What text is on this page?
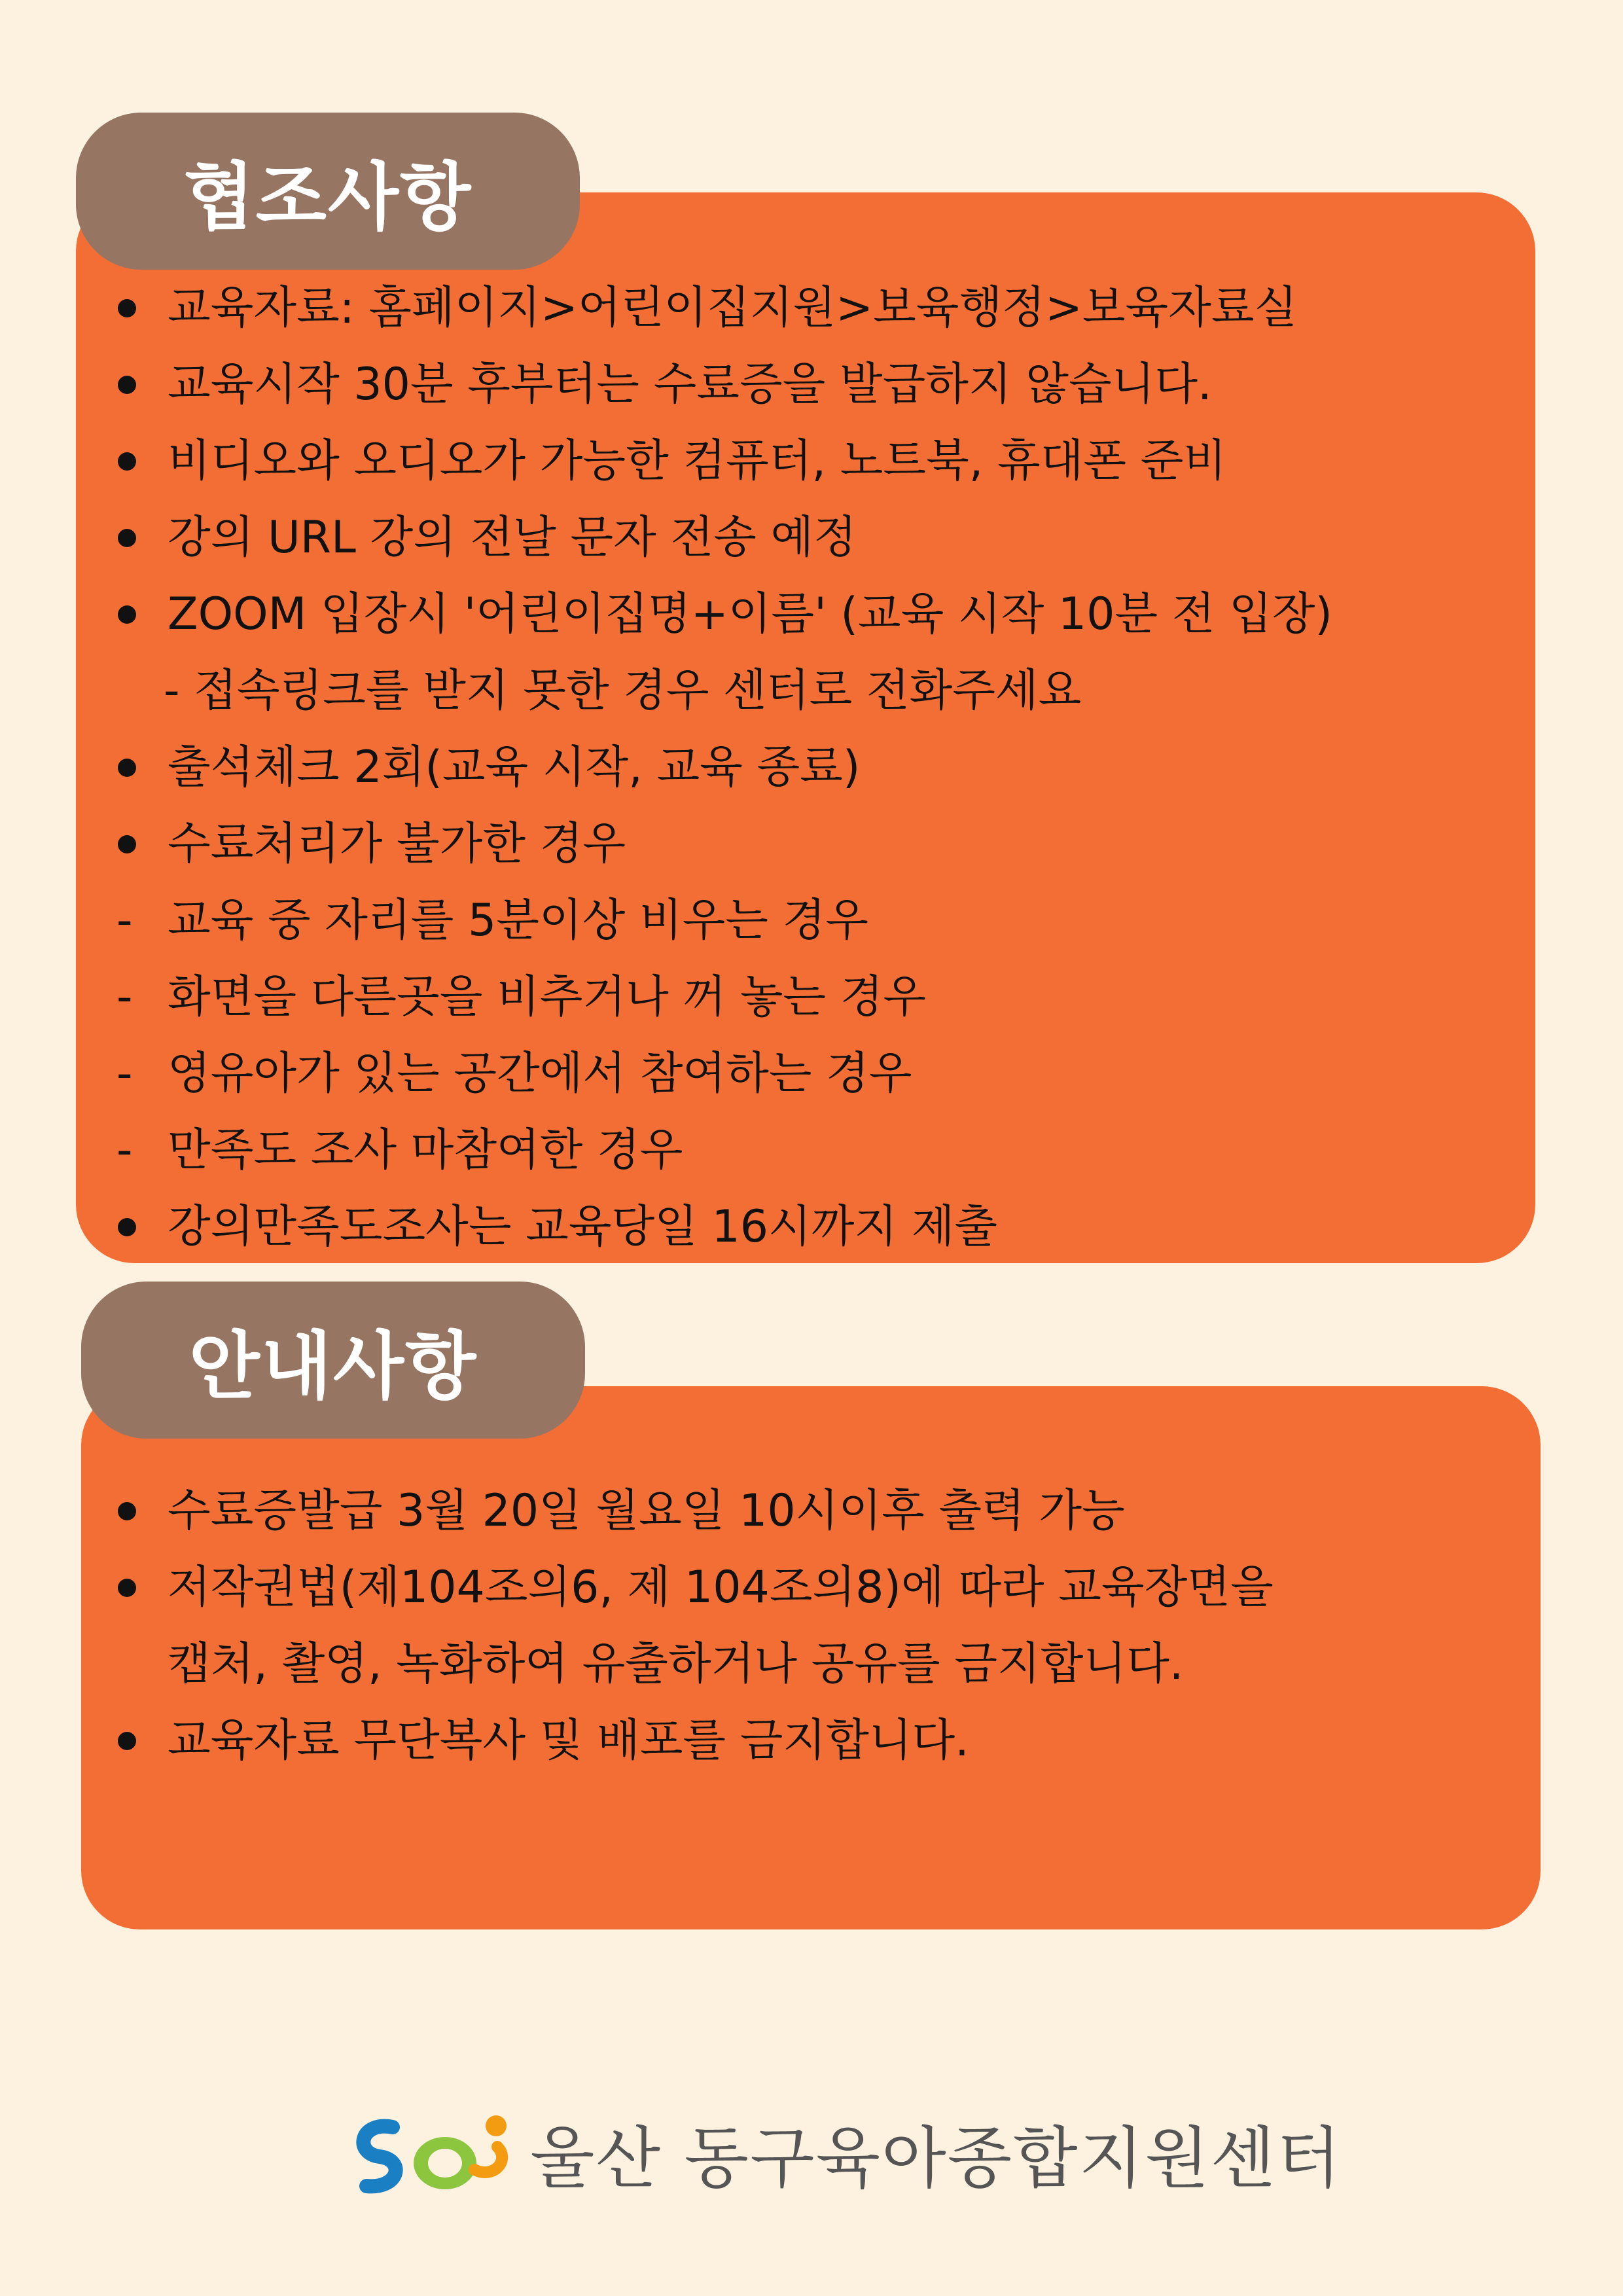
협조사항
교육자료: 홈페이지>어린이집지원>보육행정>보육자료실
교육시작 30분 후부터는 수료증을 발급하지 않습니다.
비디오와 오디오가 가능한 컴퓨터, 노트북, 휴대폰 준비
강의 URL 강의 전날 문자 전송 예정
ZOOM 입장시 '어린이집명+이름' (교육 시작 10분 전 입장)
- 접속링크를 받지 못한 경우 센터로 전화주세요
출석체크 2회(교육 시작, 교육 종료)
수료처리가 불가한 경우
- 교육 중 자리를 5분이상 비우는 경우
- 화면을 다른곳을 비추거나 꺼 놓는 경우
- 영유아가 있는 공간에서 참여하는 경우
- 만족도 조사 마참여한 경우
강의만족도조사는 교육당일 16시까지 제출
안내사항
수료증발급 3월 20일 월요일 10시이후 출력 가능
저작권법(제104조의6, 제 104조의8)에 따라 교육장면을
캡처, 촬영, 녹화하여 유출하거나 공유를 금지합니다.
교육자료 무단복사 및 배포를 금지합니다.
울산 동구육아종합지원센터
